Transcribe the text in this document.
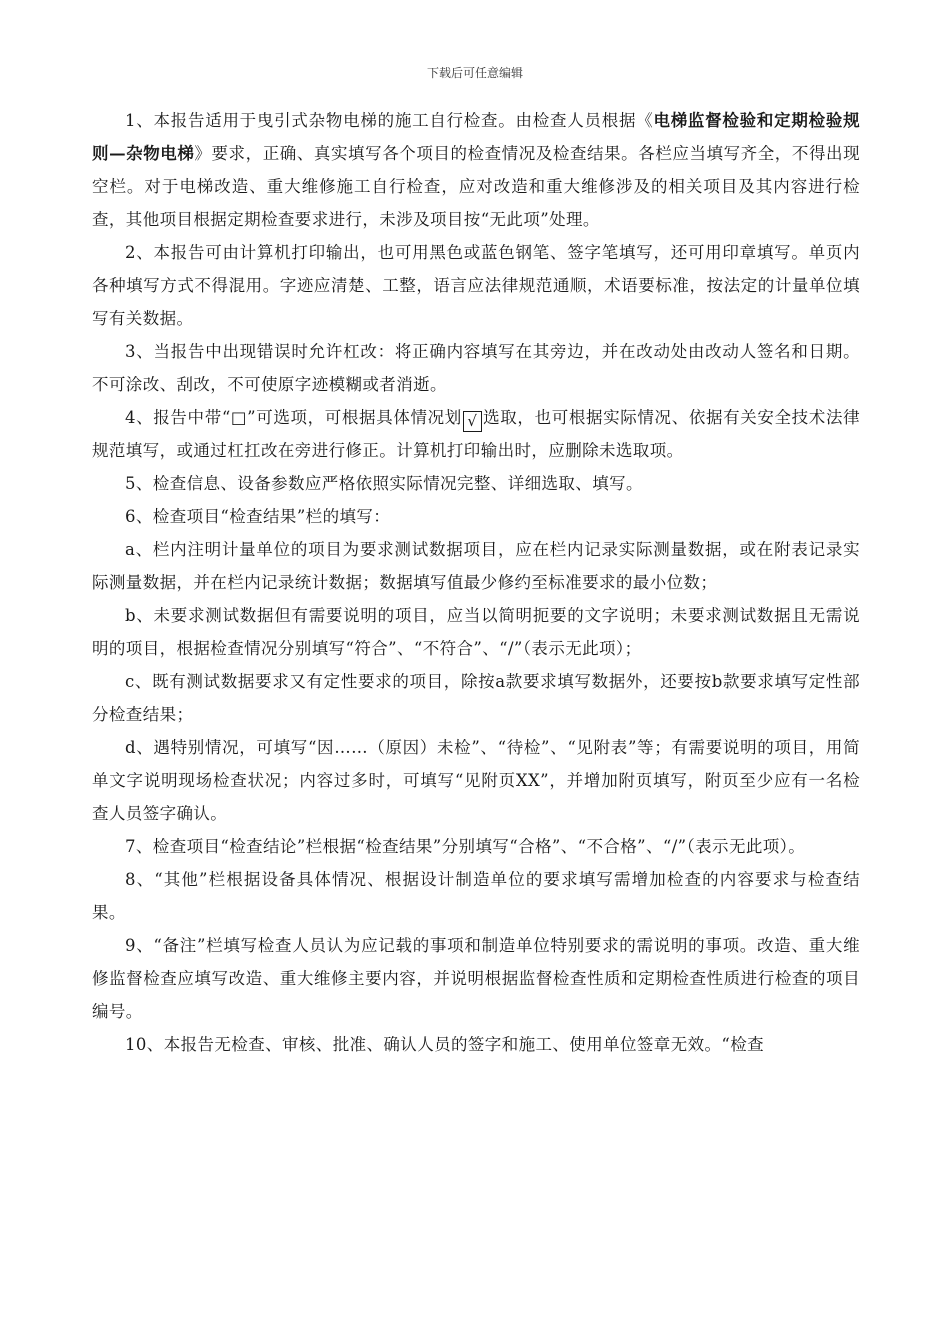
下载后可任意编辑

1、本报告适用于曳引式杂物电梯的施工自行检查。由检查人员根据《电梯监督检验和定期检验规则—杂物电梯》要求，正确、真实填写各个项目的检查情况及检查结果。各栏应当填写齐全，不得出现空栏。对于电梯改造、重大维修施工自行检查，应对改造和重大维修涉及的相关项目及其内容进行检查，其他项目根据定期检查要求进行，未涉及项目按“无此项”处理。

2、本报告可由计算机打印输出，也可用黑色或蓝色钢笔、签字笔填写，还可用印章填写。单页内各种填写方式不得混用。字迹应清楚、工整，语言应法律规范通顺，术语要标准，按法定的计量单位填写有关数据。

3、当报告中出现错误时允许杠改：将正确内容填写在其旁边，并在改动处由改动人签名和日期。不可涂改、刮改，不可使原字迹模糊或者消逝。

4、报告中带“□”可选项，可根据具体情况划 √ 选取，也可根据实际情况、依据有关安全技术法律规范填写，或通过杠扛改在旁进行修正。计算机打印输出时，应删除未选取项。

5、检查信息、设备参数应严格依照实际情况完整、详细选取、填写。

6、检查项目“检查结果”栏的填写：

a、栏内注明计量单位的项目为要求测试数据项目，应在栏内记录实际测量数据，或在附表记录实际测量数据，并在栏内记录统计数据；数据填写值最少修约至标准要求的最小位数；

b、未要求测试数据但有需要说明的项目，应当以简明扼要的文字说明；未要求测试数据且无需说明的项目，根据检查情况分别填写“符合”、“不符合”、“/”（表示无此项）；

c、既有测试数据要求又有定性要求的项目，除按a款要求填写数据外，还要按b款要求填写定性部分检查结果；

d、遇特别情况，可填写“因……（原因）未检”、“待检”、“见附表”等；有需要说明的项目，用简单文字说明现场检查状况；内容过多时，可填写“见附页XX”，并增加附页填写，附页至少应有一名检查人员签字确认。

7、检查项目“检查结论”栏根据“检查结果”分别填写“合格”、“不合格”、“/”（表示无此项）。

8、“其他”栏根据设备具体情况、根据设计制造单位的要求填写需增加检查的内容要求与检查结果。

9、“备注”栏填写检查人员认为应记载的事项和制造单位特别要求的需说明的事项。改造、重大维修监督检查应填写改造、重大维修主要内容，并说明根据监督检查性质和定期检查性质进行检查的项目编号。

10、本报告无检查、审核、批准、确认人员的签字和施工、使用单位签章无效。“检查
